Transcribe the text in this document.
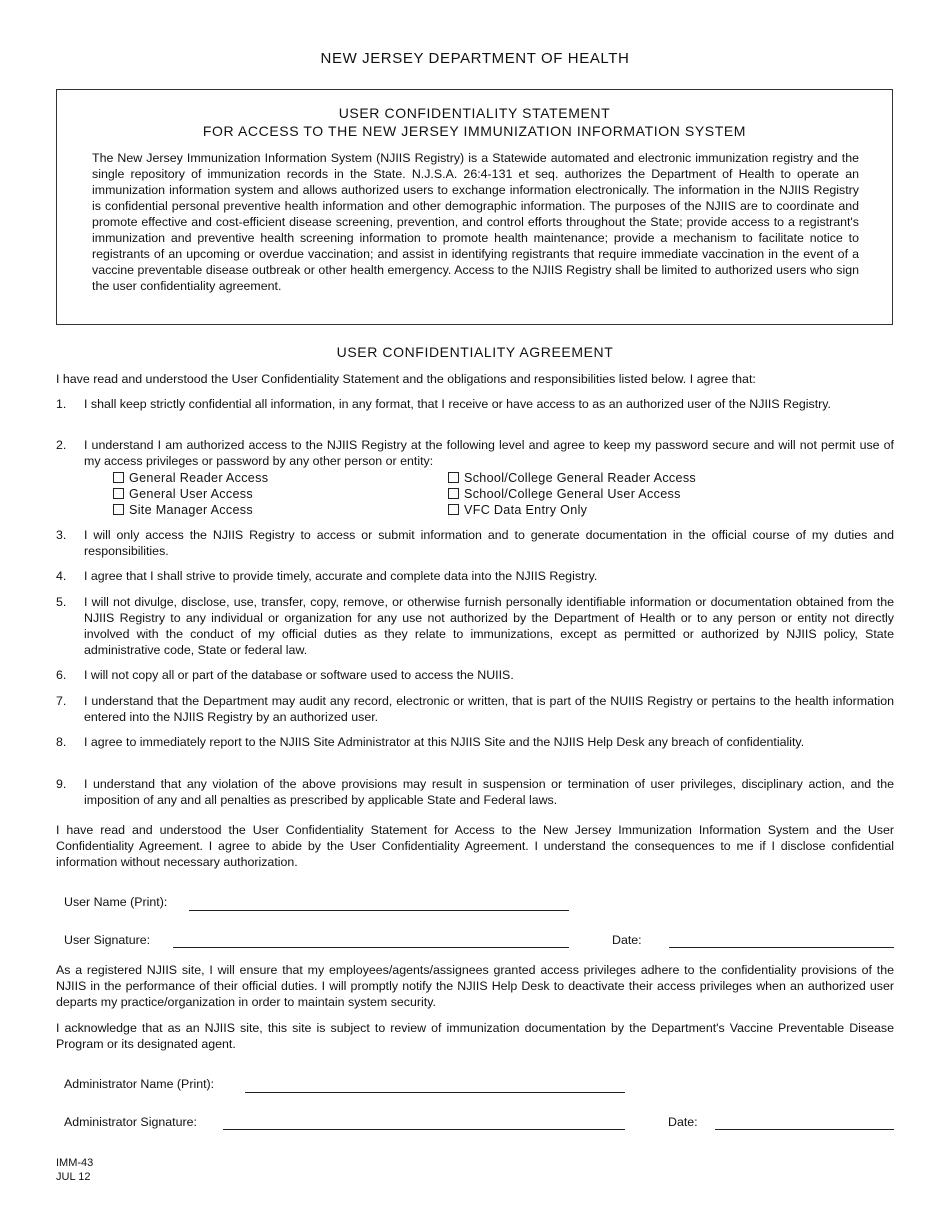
NEW JERSEY DEPARTMENT OF HEALTH
USER CONFIDENTIALITY STATEMENT
FOR ACCESS TO THE NEW JERSEY IMMUNIZATION INFORMATION SYSTEM
The New Jersey Immunization Information System (NJIIS Registry) is a Statewide automated and electronic immunization registry and the single repository of immunization records in the State. N.J.S.A. 26:4-131 et seq. authorizes the Department of Health to operate an immunization information system and allows authorized users to exchange information electronically. The information in the NJIIS Registry is confidential personal preventive health information and other demographic information. The purposes of the NJIIS are to coordinate and promote effective and cost-efficient disease screening, prevention, and control efforts throughout the State; provide access to a registrant's immunization and preventive health screening information to promote health maintenance; provide a mechanism to facilitate notice to registrants of an upcoming or overdue vaccination; and assist in identifying registrants that require immediate vaccination in the event of a vaccine preventable disease outbreak or other health emergency. Access to the NJIIS Registry shall be limited to authorized users who sign the user confidentiality agreement.
USER CONFIDENTIALITY AGREEMENT
I have read and understood the User Confidentiality Statement and the obligations and responsibilities listed below. I agree that:
1. I shall keep strictly confidential all information, in any format, that I receive or have access to as an authorized user of the NJIIS Registry.
2. I understand I am authorized access to the NJIIS Registry at the following level and agree to keep my password secure and will not permit use of my access privileges or password by any other person or entity:
General Reader Access
General User Access
Site Manager Access
School/College General Reader Access
School/College General User Access
VFC Data Entry Only
3. I will only access the NJIIS Registry to access or submit information and to generate documentation in the official course of my duties and responsibilities.
4. I agree that I shall strive to provide timely, accurate and complete data into the NJIIS Registry.
5. I will not divulge, disclose, use, transfer, copy, remove, or otherwise furnish personally identifiable information or documentation obtained from the NJIIS Registry to any individual or organization for any use not authorized by the Department of Health or to any person or entity not directly involved with the conduct of my official duties as they relate to immunizations, except as permitted or authorized by NJIIS policy, State administrative code, State or federal law.
6. I will not copy all or part of the database or software used to access the NUIIS.
7. I understand that the Department may audit any record, electronic or written, that is part of the NUIIS Registry or pertains to the health information entered into the NJIIS Registry by an authorized user.
8. I agree to immediately report to the NJIIS Site Administrator at this NJIIS Site and the NJIIS Help Desk any breach of confidentiality.
9. I understand that any violation of the above provisions may result in suspension or termination of user privileges, disciplinary action, and the imposition of any and all penalties as prescribed by applicable State and Federal laws.
I have read and understood the User Confidentiality Statement for Access to the New Jersey Immunization Information System and the User Confidentiality Agreement. I agree to abide by the User Confidentiality Agreement. I understand the consequences to me if I disclose confidential information without necessary authorization.
User Name (Print):
User Signature:	Date:
As a registered NJIIS site, I will ensure that my employees/agents/assignees granted access privileges adhere to the confidentiality provisions of the NJIIS in the performance of their official duties. I will promptly notify the NJIIS Help Desk to deactivate their access privileges when an authorized user departs my practice/organization in order to maintain system security.
I acknowledge that as an NJIIS site, this site is subject to review of immunization documentation by the Department's Vaccine Preventable Disease Program or its designated agent.
Administrator Name (Print):
Administrator Signature:	Date:
IMM-43
JUL 12
